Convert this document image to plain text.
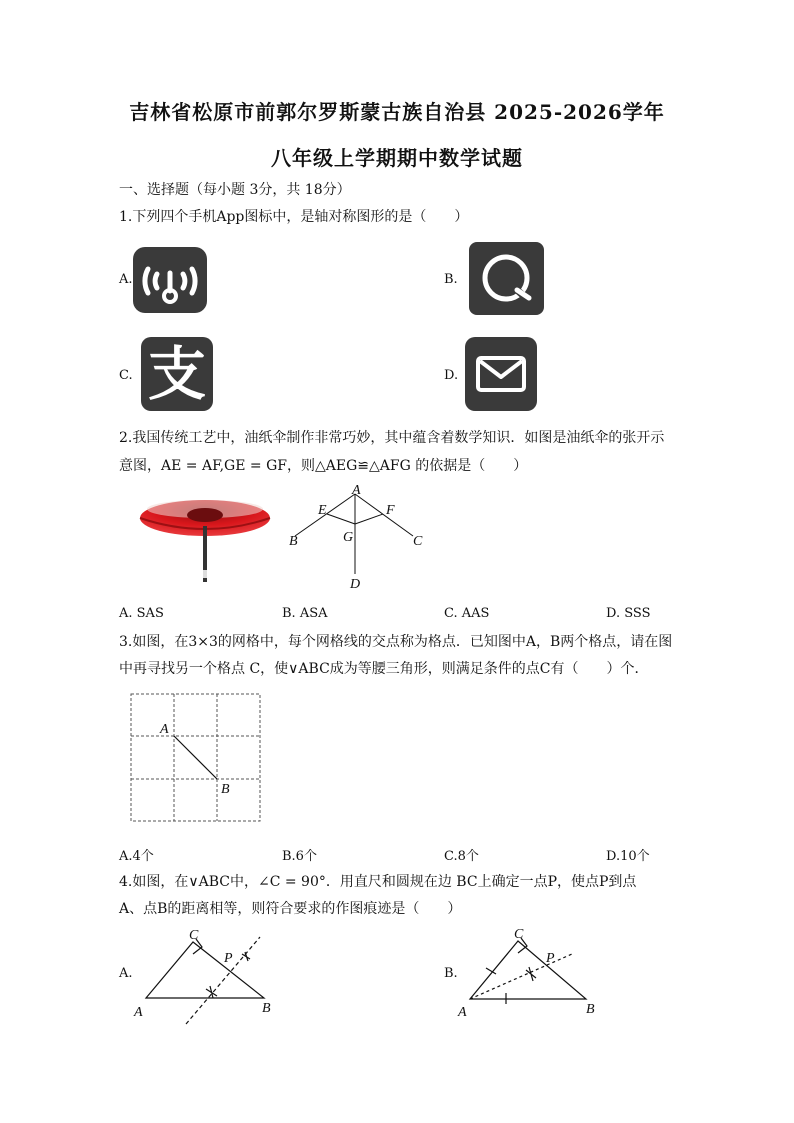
吉林省松原市前郭尔罗斯蒙古族自治县 2025-2026学年
八年级上学期期中数学试题
一、选择题（每小题 3分，共 18分）
1.下列四个手机App图标中，是轴对称图形的是（　　）
A.	B.
C. 支	D.
2.我国传统工艺中，油纸伞制作非常巧妙，其中蕴含着数学知识．如图是油纸伞的张开示
意图，AE = AF,GE = GF，则△AEG≌△AFG 的依据是（　　）
A
E	F
B	G	C
D
A. SAS	B. ASA	C. AAS	D. SSS
3.如图，在3×3的网格中，每个网格线的交点称为格点．已知图中A，B两个格点，请在图
中再寻找另一个格点 C，使∨ABC成为等腰三角形，则满足条件的点C有（　　）个．
A
B
A.4个	B.6个	C.8个	D.10个
4.如图，在∨ABC中，∠C = 90°．用直尺和圆规在边 BC上确定一点P，使点P到点
A、点B的距离相等，则符合要求的作图痕迹是（　　）
A.
C
P
A	B
B.
C
P
A	B
